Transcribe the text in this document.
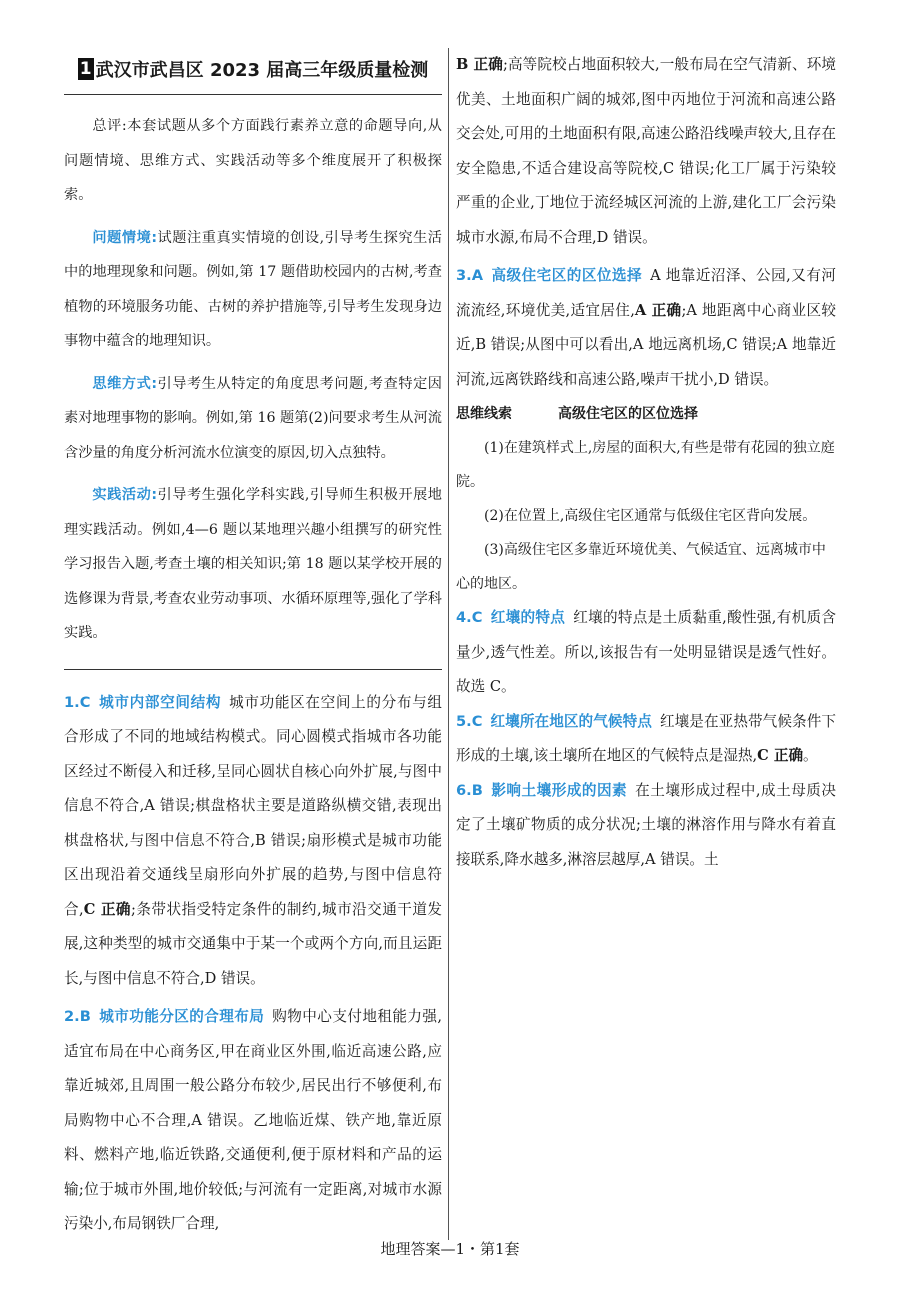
1 武汉市武昌区 2023 届高三年级质量检测

总评:本套试题从多个方面践行素养立意的命题导向,从问题情境、思维方式、实践活动等多个维度展开了积极探索。

问题情境:试题注重真实情境的创设,引导考生探究生活中的地理现象和问题。例如,第 17 题借助校园内的古树,考查植物的环境服务功能、古树的养护措施等,引导考生发现身边事物中蕴含的地理知识。

思维方式:引导考生从特定的角度思考问题,考查特定因素对地理事物的影响。例如,第 16 题第(2)问要求考生从河流含沙量的角度分析河流水位演变的原因,切入点独特。

实践活动:引导考生强化学科实践,引导师生积极开展地理实践活动。例如,4—6 题以某地理兴趣小组撰写的研究性学习报告入题,考查土壤的相关知识;第 18 题以某学校开展的选修课为背景,考查农业劳动事项、水循环原理等,强化了学科实践。

1.C 城市内部空间结构 城市功能区在空间上的分布与组合形成了不同的地域结构模式。同心圆模式指城市各功能区经过不断侵入和迁移,呈同心圆状自核心向外扩展,与图中信息不符合,A 错误;棋盘格状主要是道路纵横交错,表现出棋盘格状,与图中信息不符合,B 错误;扇形模式是城市功能区出现沿着交通线呈扇形向外扩展的趋势,与图中信息符合,C 正确;条带状指受特定条件的制约,城市沿交通干道发展,这种类型的城市交通集中于某一个或两个方向,而且运距长,与图中信息不符合,D 错误。

2.B 城市功能分区的合理布局 购物中心支付地租能力强,适宜布局在中心商务区,甲在商业区外围,临近高速公路,应靠近城郊,且周围一般公路分布较少,居民出行不够便利,布局购物中心不合理,A 错误。乙地临近煤、铁产地,靠近原料、燃料产地,临近铁路,交通便利,便于原材料和产品的运输;位于城市外围,地价较低;与河流有一定距离,对城市水源污染小,布局钢铁厂合理,

B 正确;高等院校占地面积较大,一般布局在空气清新、环境优美、土地面积广阔的城郊,图中丙地位于河流和高速公路交会处,可用的土地面积有限,高速公路沿线噪声较大,且存在安全隐患,不适合建设高等院校,C 错误;化工厂属于污染较严重的企业,丁地位于流经城区河流的上游,建化工厂会污染城市水源,布局不合理,D 错误。

3.A 高级住宅区的区位选择 A 地靠近沼泽、公园,又有河流流经,环境优美,适宜居住,A 正确;A 地距离中心商业区较近,B 错误;从图中可以看出,A 地远离机场,C 错误;A 地靠近河流,远离铁路线和高速公路,噪声干扰小,D 错误。

思维线索	高级住宅区的区位选择

(1)在建筑样式上,房屋的面积大,有些是带有花园的独立庭院。

(2)在位置上,高级住宅区通常与低级住宅区背向发展。

(3)高级住宅区多靠近环境优美、气候适宜、远离城市中心的地区。

4.C 红壤的特点 红壤的特点是土质黏重,酸性强,有机质含量少,透气性差。所以,该报告有一处明显错误是透气性好。故选 C。

5.C 红壤所在地区的气候特点 红壤是在亚热带气候条件下形成的土壤,该土壤所在地区的气候特点是湿热,C 正确。

6.B 影响土壤形成的因素 在土壤形成过程中,成土母质决定了土壤矿物质的成分状况;土壤的淋溶作用与降水有着直接联系,降水越多,淋溶层越厚,A 错误。土

地理答案—1・第1套
